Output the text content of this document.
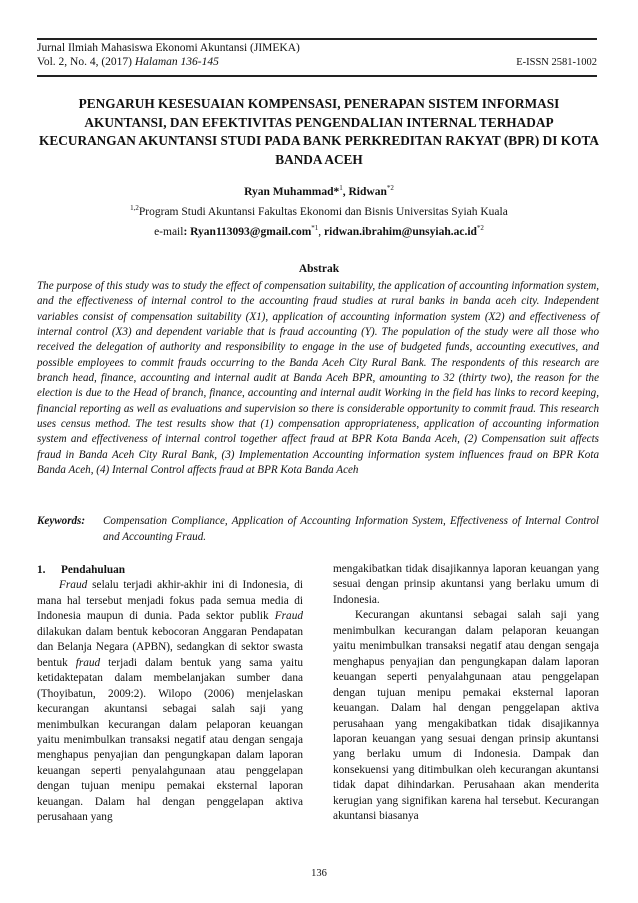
Jurnal Ilmiah Mahasiswa Ekonomi Akuntansi (JIMEKA)
Vol. 2, No. 4, (2017) Halaman 136-145	E-ISSN 2581-1002
PENGARUH KESESUAIAN KOMPENSASI, PENERAPAN SISTEM INFORMASI AKUNTANSI, DAN EFEKTIVITAS PENGENDALIAN INTERNAL TERHADAP KECURANGAN AKUNTANSI STUDI PADA BANK PERKREDITAN RAKYAT (BPR) DI KOTA BANDA ACEH
Ryan Muhammad*$^1$, Ridwan$^{*2}$
$^{1,2}$Program Studi Akuntansi Fakultas Ekonomi dan Bisnis Universitas Syiah Kuala
e-mail: Ryan113093@gmail.com$^{*1}$, $ridwan.ibrahim@unsyiah.ac.id^{*2}$
Abstrak

The purpose of this study was to study the effect of compensation suitability, the application of accounting information system, and the effectiveness of internal control to the accounting fraud studies at rural banks in banda aceh city. Independent variables consist of compensation suitability (X1), application of accounting information system (X2) and effectiveness of internal control (X3) and dependent variable that is fraud accounting (Y). The population of the study were all those who received the delegation of authority and responsibility to engage in the use of budgeted funds, accounting executives, and possible employees to commit frauds occurring to the Banda Aceh City Rural Bank. The respondents of this research are branch head, finance, accounting and internal audit at Banda Aceh BPR, amounting to 32 (thirty two), the reason for the election is due to the Head of branch, finance, accounting and internal audit Working in the field has links to record keeping, financial reporting as well as evaluations and supervision so there is considerable opportunity to commit fraud. This research uses census method. The test results show that (1) compensation appropriateness, application of accounting information system and effectiveness of internal control together affect fraud at BPR Kota Banda Aceh, (2) Compensation suit affects fraud in Banda Aceh City Rural Bank, (3) Implementation Accounting information system influences fraud on BPR Kota Banda Aceh, (4) Internal Control affects fraud at BPR Kota Banda Aceh

Keywords:	Compensation Compliance, Application of Accounting Information System, Effectiveness of Internal Control and Accounting Fraud.

1. Pendahuluan

Fraud selalu terjadi akhir-akhir ini di Indonesia, di mana hal tersebut menjadi fokus pada semua media di Indonesia maupun di dunia. Pada sektor publik Fraud dilakukan dalam bentuk kebocoran Anggaran Pendapatan dan Belanja Negara (APBN), sedangkan di sektor swasta bentuk fraud terjadi dalam bentuk yang sama yaitu ketidaktepatan dalam membelanjakan sumber dana (Thoyibatun, 2009:2). Wilopo (2006) menjelaskan kecurangan akuntansi sebagai salah saji yang menimbulkan kecurangan dalam pelaporan keuangan yaitu menimbulkan transaksi negatif atau dengan sengaja menghapus penyajian dan pengungkapan dalam laporan keuangan seperti penyalahgunaan atau penggelapan dengan tujuan menipu pemakai eksternal laporan keuangan. Dalam hal dengan penggelapan aktiva perusahaan yang

mengakibatkan tidak disajikannya laporan keuangan yang sesuai dengan prinsip akuntansi yang berlaku umum di Indonesia.

Kecurangan akuntansi sebagai salah saji yang menimbulkan kecurangan dalam pelaporan keuangan yaitu menimbulkan transaksi negatif atau dengan sengaja menghapus penyajian dan pengungkapan dalam laporan keuangan seperti penyalahgunaan atau penggelapan dengan tujuan menipu pemakai eksternal laporan keuangan. Dalam hal dengan penggelapan aktiva perusahaan yang mengakibatkan tidak disajikannya laporan keuangan yang sesuai dengan prinsip akuntansi yang berlaku umum di Indonesia. Dampak dan konsekuensi yang ditimbulkan oleh kecurangan akuntansi tidak dapat dihindarkan. Perusahaan akan menderita kerugian yang signifikan karena hal tersebut. Kecurangan akuntansi biasanya

136
